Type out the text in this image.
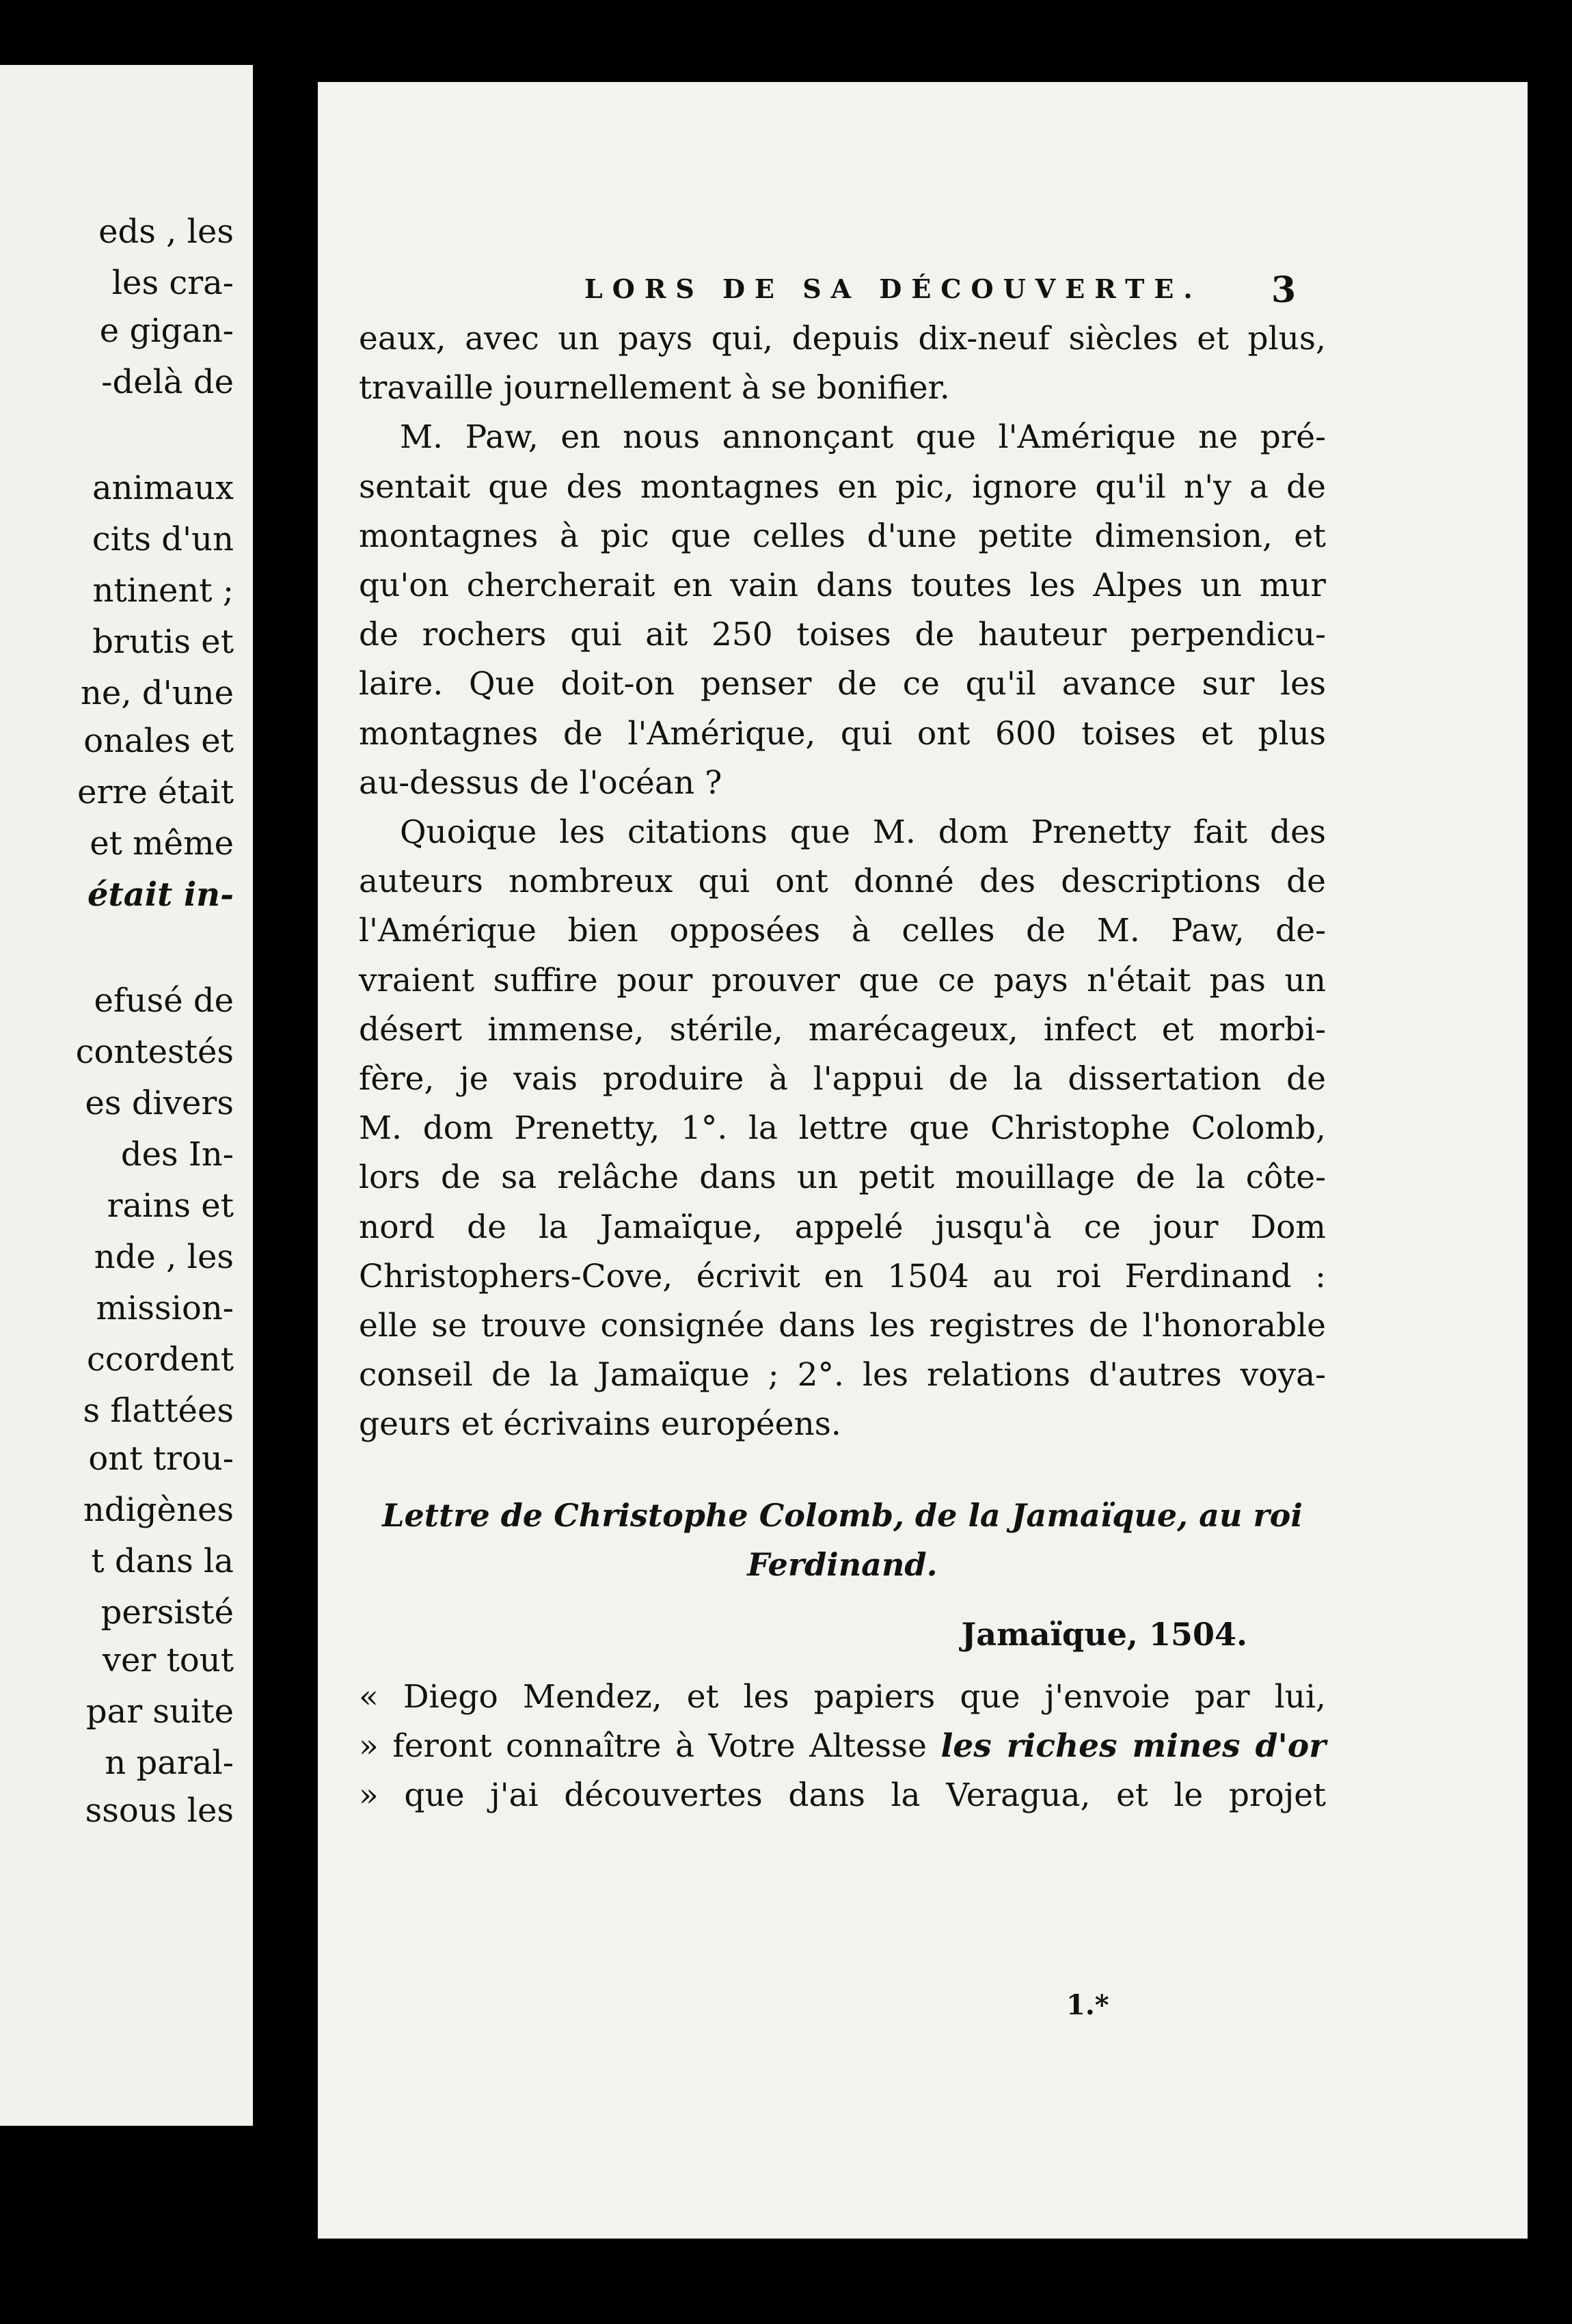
eds , les
les cra-
e gigan-
-delà de
animaux
cits d'un
ntinent ;
brutis et
ne, d'une
onales et
erre était
et même
était in-
efusé de
contestés
es divers
des In-
rains et
nde , les
mission-
ccordent
s flattées
ont trou-
ndigènes
t dans la
persisté
ver tout
par suite
n paral-
ssous les
LORS DE SA DÉCOUVERTE. 3
eaux, avec un pays qui, depuis dix-neuf siècles et plus,
travaille journellement à se bonifier.
M. Paw, en nous annonçant que l'Amérique ne pré-
sentait que des montagnes en pic, ignore qu'il n'y a de
montagnes à pic que celles d'une petite dimension, et
qu'on chercherait en vain dans toutes les Alpes un mur
de rochers qui ait 250 toises de hauteur perpendicu-
laire. Que doit-on penser de ce qu'il avance sur les
montagnes de l'Amérique, qui ont 600 toises et plus
au-dessus de l'océan ?
Quoique les citations que M. dom Prenetty fait des
auteurs nombreux qui ont donné des descriptions de
l'Amérique bien opposées à celles de M. Paw, de-
vraient suffire pour prouver que ce pays n'était pas un
désert immense, stérile, marécageux, infect et morbi-
fère, je vais produire à l'appui de la dissertation de
M. dom Prenetty, 1°. la lettre que Christophe Colomb,
lors de sa relâche dans un petit mouillage de la côte-
nord de la Jamaïque, appelé jusqu'à ce jour Dom
Christophers-Cove, écrivit en 1504 au roi Ferdinand :
elle se trouve consignée dans les registres de l'honorable
conseil de la Jamaïque ; 2°. les relations d'autres voya-
geurs et écrivains européens.
Lettre de Christophe Colomb, de la Jamaïque, au roi
Ferdinand.
Jamaïque, 1504.
« Diego Mendez, et les papiers que j'envoie par lui,
» feront connaître à Votre Altesse les riches mines d'or
» que j'ai découvertes dans la Veragua, et le projet
1.*
